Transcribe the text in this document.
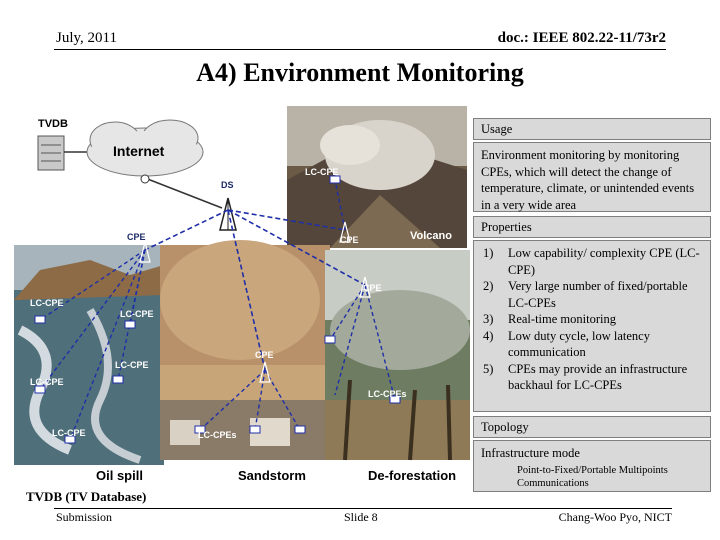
July, 2011	doc.: IEEE 802.22-11/73r2
A4) Environment Monitoring
TVDB
Internet
DS
CPE
CPE
CPE
CPE
LC-CPE
LC-CPE
LC-CPE
LC-CPE
LC-CPE
LC-CPE
LC-CPEs
LC-CPEs
Volcano
Oil spill	Sandstorm	De-forestation
Usage
Environment monitoring by monitoring CPEs, which will detect the change of temperature, climate, or unintended events in a very wide area
Properties
1) Low capability/ complexity CPE (LC-CPE)
2) Very large number of fixed/portable LC-CPEs
3) Real-time monitoring
4) Low duty cycle, low latency communication
5) CPEs may provide an infrastructure backhaul for LC-CPEs
Topology
Infrastructure mode
Point-to-Fixed/Portable Multipoints Communications
TVDB (TV Database)
Submission	Slide 8	Chang-Woo Pyo, NICT
